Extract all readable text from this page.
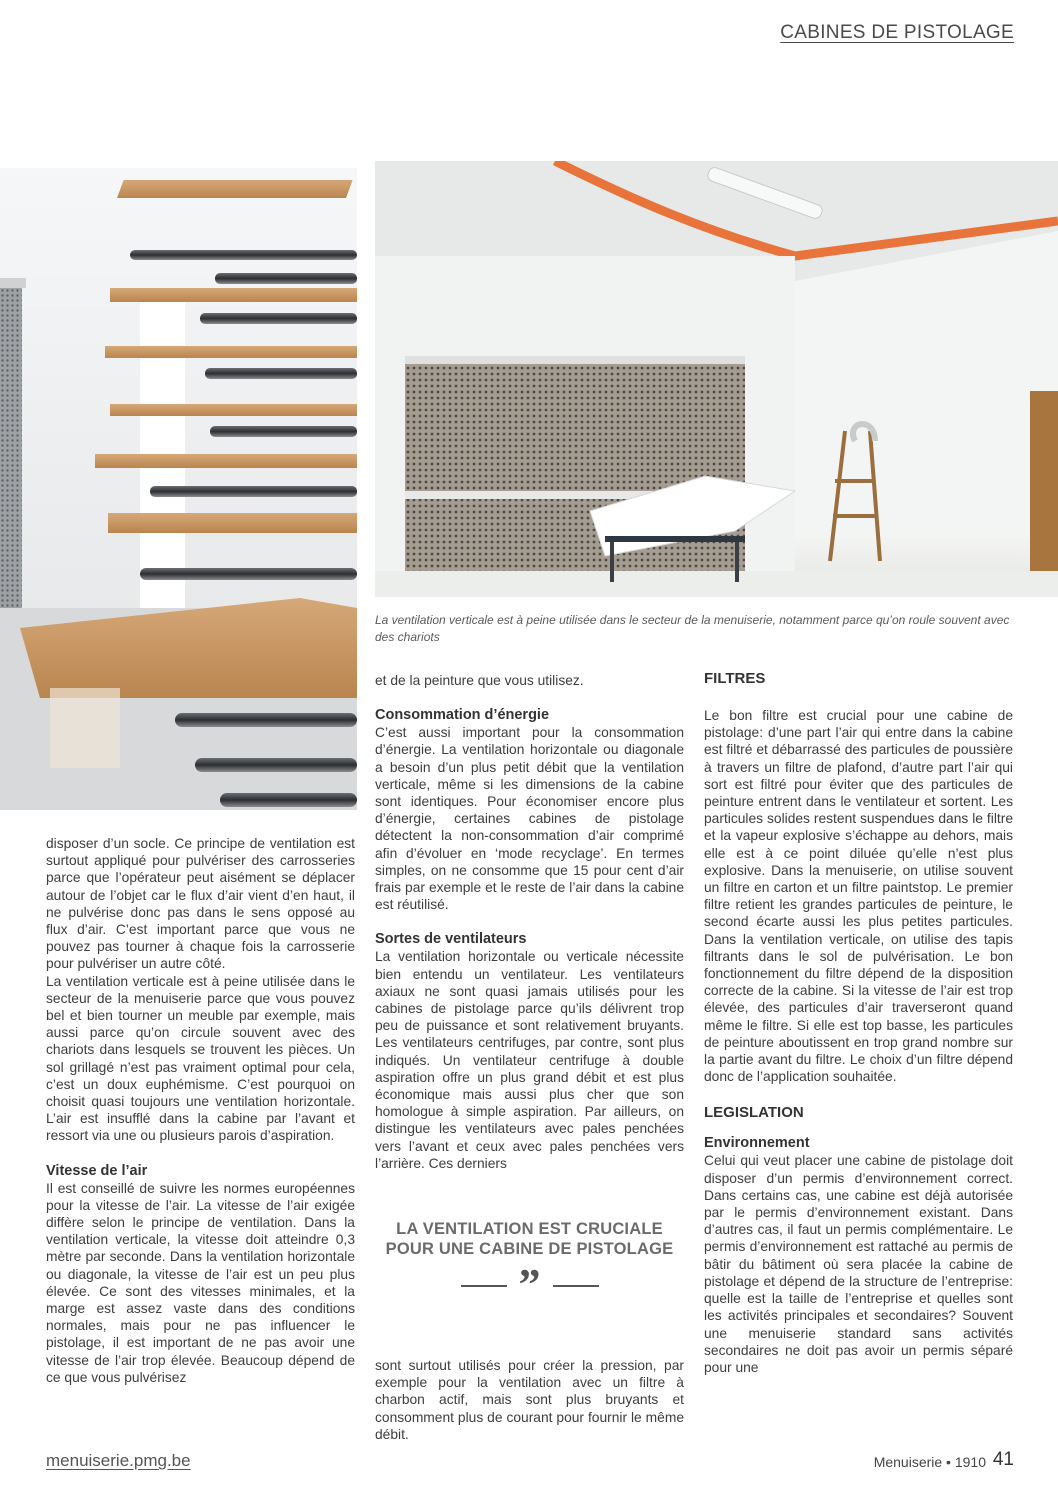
CABINES DE PISTOLAGE
La ventilation verticale est à peine utilisée dans le secteur de la menuiserie, notamment parce qu’on roule souvent avec des chariots

disposer d’un socle. Ce principe de ventilation est surtout appliqué pour pulvériser des carrosseries parce que l’opérateur peut aisément se déplacer autour de l’objet car le flux d’air vient d’en haut, il ne pulvérise donc pas dans le sens opposé au flux d’air. C’est important parce que vous ne pouvez pas tourner à chaque fois la carrosserie pour pulvériser un autre côté.

La ventilation verticale est à peine utilisée dans le secteur de la menuiserie parce que vous pouvez bel et bien tourner un meuble par exemple, mais aussi parce qu’on circule souvent avec des chariots dans lesquels se trouvent les pièces. Un sol grillagé n’est pas vraiment optimal pour cela, c’est un doux euphémisme. C’est pourquoi on choisit quasi toujours une ventilation horizontale. L’air est insufflé dans la cabine par l’avant et ressort via une ou plusieurs parois d’aspiration.

Vitesse de l’air

Il est conseillé de suivre les normes européennes pour la vitesse de l’air. La vitesse de l’air exigée diffère selon le principe de ventilation. Dans la ventilation verticale, la vitesse doit atteindre 0,3 mètre par seconde. Dans la ventilation horizontale ou diagonale, la vitesse de l’air est un peu plus élevée. Ce sont des vitesses minimales, et la marge est assez vaste dans des conditions normales, mais pour ne pas influencer le pistolage, il est important de ne pas avoir une vitesse de l’air trop élevée. Beaucoup dépend de ce que vous pulvérisez

et de la peinture que vous utilisez.

Consommation d’énergie

C’est aussi important pour la consommation d’énergie. La ventilation horizontale ou diagonale a besoin d’un plus petit débit que la ventilation verticale, même si les dimensions de la cabine sont identiques. Pour économiser encore plus d’énergie, certaines cabines de pistolage détectent la non-consommation d’air comprimé afin d’évoluer en ‘mode recyclage’. En termes simples, on ne consomme que 15 pour cent d’air frais par exemple et le reste de l’air dans la cabine est réutilisé.

Sortes de ventilateurs

La ventilation horizontale ou verticale nécessite bien entendu un ventilateur. Les ventilateurs axiaux ne sont quasi jamais utilisés pour les cabines de pistolage parce qu’ils délivrent trop peu de puissance et sont relativement bruyants. Les ventilateurs centrifuges, par contre, sont plus indiqués. Un ventilateur centrifuge à double aspiration offre un plus grand débit et est plus économique mais aussi plus cher que son homologue à simple aspiration. Par ailleurs, on distingue les ventilateurs avec pales penchées vers l’avant et ceux avec pales penchées vers l’arrière. Ces derniers

LA VENTILATION EST CRUCIALE POUR UNE CABINE DE PISTOLAGE
”

sont surtout utilisés pour créer la pression, par exemple pour la ventilation avec un filtre à charbon actif, mais sont plus bruyants et consomment plus de courant pour fournir le même débit.

FILTRES

Le bon filtre est crucial pour une cabine de pistolage: d’une part l’air qui entre dans la cabine est filtré et débarrassé des particules de poussière à travers un filtre de plafond, d’autre part l’air qui sort est filtré pour éviter que des particules de peinture entrent dans le ventilateur et sortent. Les particules solides restent suspendues dans le filtre et la vapeur explosive s’échappe au dehors, mais elle est à ce point diluée qu’elle n’est plus explosive. Dans la menuiserie, on utilise souvent un filtre en carton et un filtre paintstop. Le premier filtre retient les grandes particules de peinture, le second écarte aussi les plus petites particules. Dans la ventilation verticale, on utilise des tapis filtrants dans le sol de pulvérisation. Le bon fonctionnement du filtre dépend de la disposition correcte de la cabine. Si la vitesse de l’air est trop élevée, des particules d’air traverseront quand même le filtre. Si elle est top basse, les particules de peinture aboutissent en trop grand nombre sur la partie avant du filtre. Le choix d’un filtre dépend donc de l’application souhaitée.

LEGISLATION
Environnement

Celui qui veut placer une cabine de pistolage doit disposer d’un permis d’environnement correct. Dans certains cas, une cabine est déjà autorisée par le permis d’environnement existant. Dans d’autres cas, il faut un permis complémentaire. Le permis d’environnement est rattaché au permis de bâtir du bâtiment où sera placée la cabine de pistolage et dépend de la structure de l’entreprise: quelle est la taille de l’entreprise et quelles sont les activités principales et secondaires? Souvent une menuiserie standard sans activités secondaires ne doit pas avoir un permis séparé pour une

menuiserie.pmg.be	Menuiserie • 1910 41
